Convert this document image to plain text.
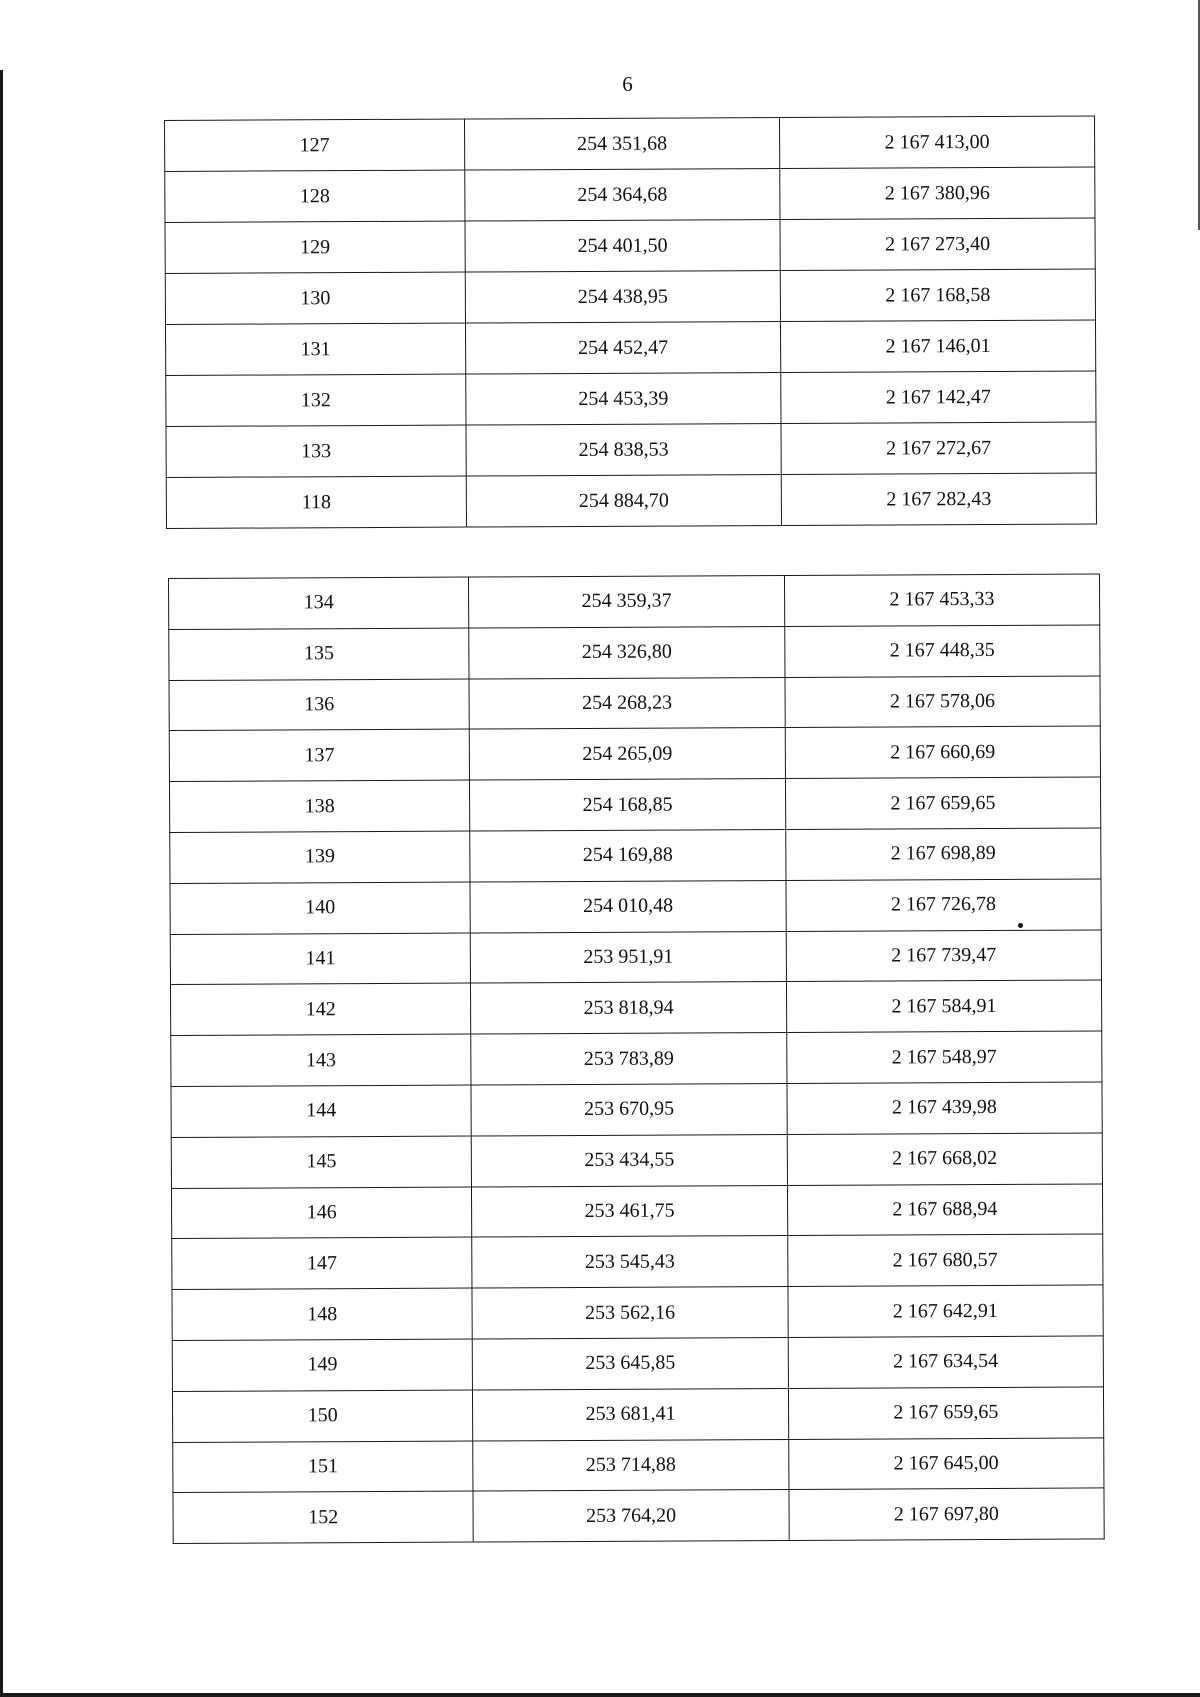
6
127	254 351,68	2 167 413,00
128	254 364,68	2 167 380,96
129	254 401,50	2 167 273,40
130	254 438,95	2 167 168,58
131	254 452,47	2 167 146,01
132	254 453,39	2 167 142,47
133	254 838,53	2 167 272,67
118	254 884,70	2 167 282,43
134	254 359,37	2 167 453,33
135	254 326,80	2 167 448,35
136	254 268,23	2 167 578,06
137	254 265,09	2 167 660,69
138	254 168,85	2 167 659,65
139	254 169,88	2 167 698,89
140	254 010,48	2 167 726,78
141	253 951,91	2 167 739,47
142	253 818,94	2 167 584,91
143	253 783,89	2 167 548,97
144	253 670,95	2 167 439,98
145	253 434,55	2 167 668,02
146	253 461,75	2 167 688,94
147	253 545,43	2 167 680,57
148	253 562,16	2 167 642,91
149	253 645,85	2 167 634,54
150	253 681,41	2 167 659,65
151	253 714,88	2 167 645,00
152	253 764,20	2 167 697,80
